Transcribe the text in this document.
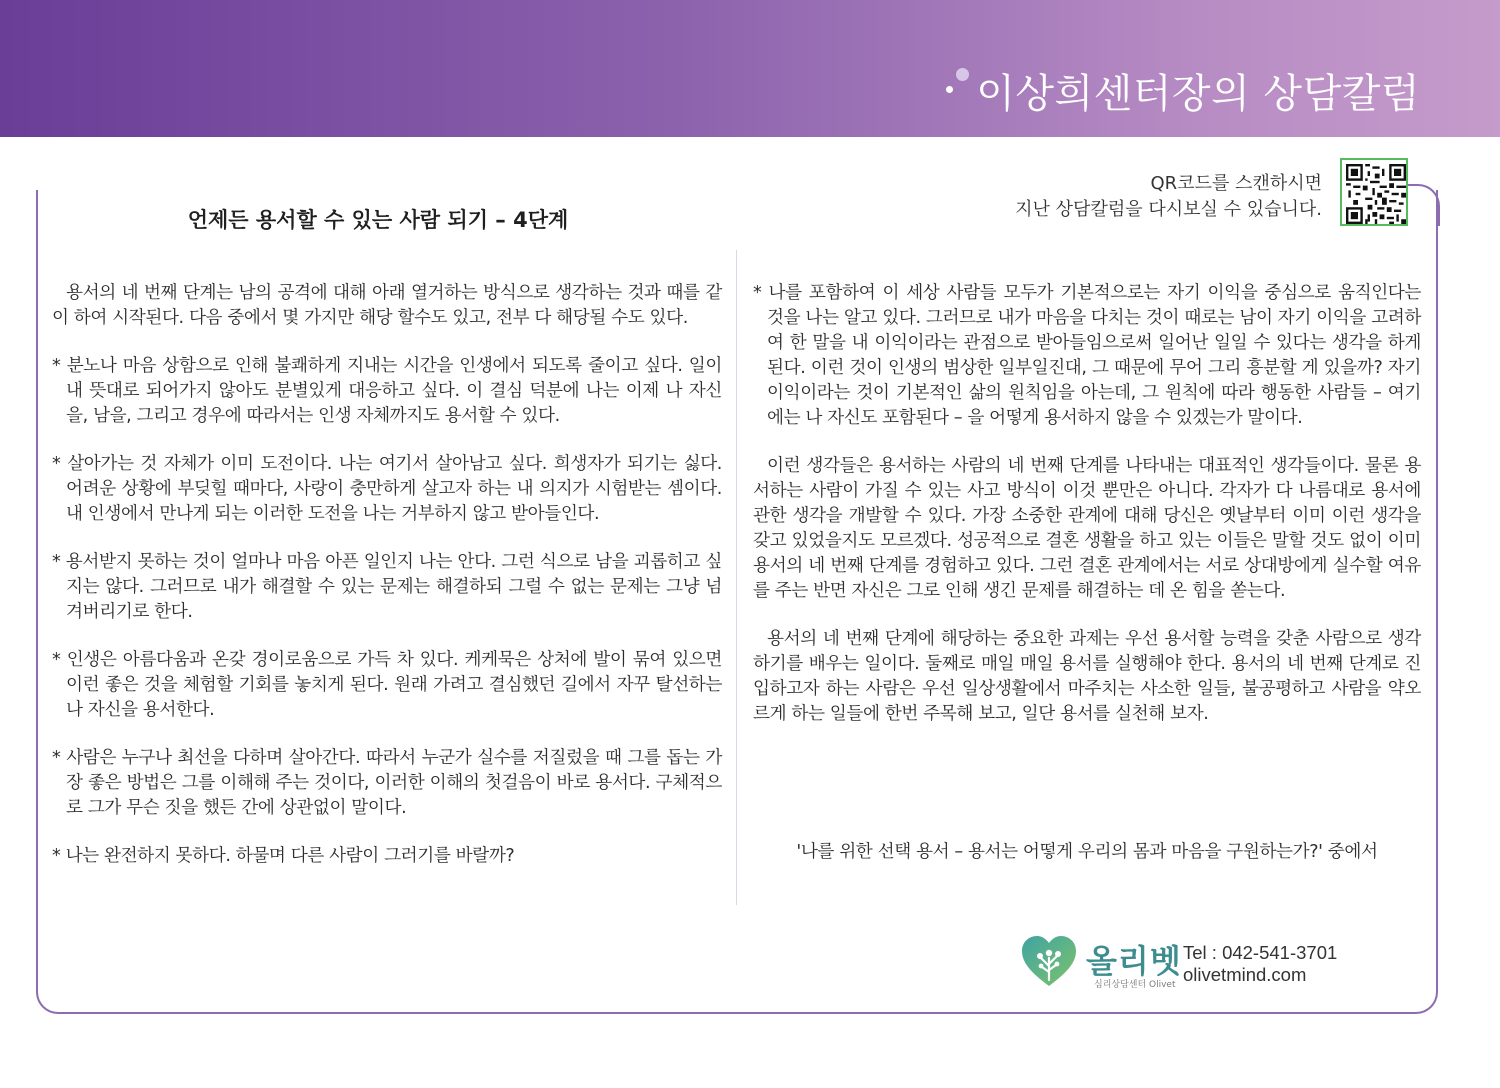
이상희센터장의 상담칼럼
QR코드를 스캔하시면
지난 상담칼럼을 다시보실 수 있습니다.
언제든 용서할 수 있는 사람 되기 – 4단계

용서의 네 번째 단계는 남의 공격에 대해 아래 열거하는 방식으로 생각하는 것과 때를 같이 하여 시작된다. 다음 중에서 몇 가지만 해당 할수도 있고, 전부 다 해당될 수도 있다.

* 분노나 마음 상함으로 인해 불쾌하게 지내는 시간을 인생에서 되도록 줄이고 싶다. 일이 내 뜻대로 되어가지 않아도 분별있게 대응하고 싶다. 이 결심 덕분에 나는 이제 나 자신을, 남을, 그리고 경우에 따라서는 인생 자체까지도 용서할 수 있다.

* 살아가는 것 자체가 이미 도전이다. 나는 여기서 살아남고 싶다. 희생자가 되기는 싫다. 어려운 상황에 부딪힐 때마다, 사랑이 충만하게 살고자 하는 내 의지가 시험받는 셈이다. 내 인생에서 만나게 되는 이러한 도전을 나는 거부하지 않고 받아들인다.

* 용서받지 못하는 것이 얼마나 마음 아픈 일인지 나는 안다. 그런 식으로 남을 괴롭히고 싶지는 않다. 그러므로 내가 해결할 수 있는 문제는 해결하되 그럴 수 없는 문제는 그냥 넘겨버리기로 한다.

* 인생은 아름다움과 온갖 경이로움으로 가득 차 있다. 케케묵은 상처에 발이 묶여 있으면 이런 좋은 것을 체험할 기회를 놓치게 된다. 원래 가려고 결심했던 길에서 자꾸 탈선하는 나 자신을 용서한다.

* 사람은 누구나 최선을 다하며 살아간다. 따라서 누군가 실수를 저질렀을 때 그를 돕는 가장 좋은 방법은 그를 이해해 주는 것이다, 이러한 이해의 첫걸음이 바로 용서다. 구체적으로 그가 무슨 짓을 했든 간에 상관없이 말이다.

* 나는 완전하지 못하다. 하물며 다른 사람이 그러기를 바랄까?

* 나를 포함하여 이 세상 사람들 모두가 기본적으로는 자기 이익을 중심으로 움직인다는 것을 나는 알고 있다. 그러므로 내가 마음을 다치는 것이 때로는 남이 자기 이익을 고려하여 한 말을 내 이익이라는 관점으로 받아들임으로써 일어난 일일 수 있다는 생각을 하게 된다. 이런 것이 인생의 범상한 일부일진대, 그 때문에 무어 그리 흥분할 게 있을까? 자기 이익이라는 것이 기본적인 삶의 원칙임을 아는데, 그 원칙에 따라 행동한 사람들 – 여기에는 나 자신도 포함된다 – 을 어떻게 용서하지 않을 수 있겠는가 말이다.

이런 생각들은 용서하는 사람의 네 번째 단계를 나타내는 대표적인 생각들이다. 물론 용서하는 사람이 가질 수 있는 사고 방식이 이것 뿐만은 아니다. 각자가 다 나름대로 용서에 관한 생각을 개발할 수 있다. 가장 소중한 관계에 대해 당신은 옛날부터 이미 이런 생각을 갖고 있었을지도 모르겠다. 성공적으로 결혼 생활을 하고 있는 이들은 말할 것도 없이 이미 용서의 네 번째 단계를 경험하고 있다. 그런 결혼 관계에서는 서로 상대방에게 실수할 여유를 주는 반면 자신은 그로 인해 생긴 문제를 해결하는 데 온 힘을 쏟는다.

용서의 네 번째 단계에 해당하는 중요한 과제는 우선 용서할 능력을 갖춘 사람으로 생각하기를 배우는 일이다. 둘째로 매일 매일 용서를 실행해야 한다. 용서의 네 번째 단계로 진입하고자 하는 사람은 우선 일상생활에서 마주치는 사소한 일들, 불공평하고 사람을 약오르게 하는 일들에 한번 주목해 보고, 일단 용서를 실천해 보자.

'나를 위한 선택 용서 – 용서는 어떻게 우리의 몸과 마음을 구원하는가?' 중에서
올리벳
심리상담센터 Olivet
Tel : 042-541-3701
olivetmind.com
